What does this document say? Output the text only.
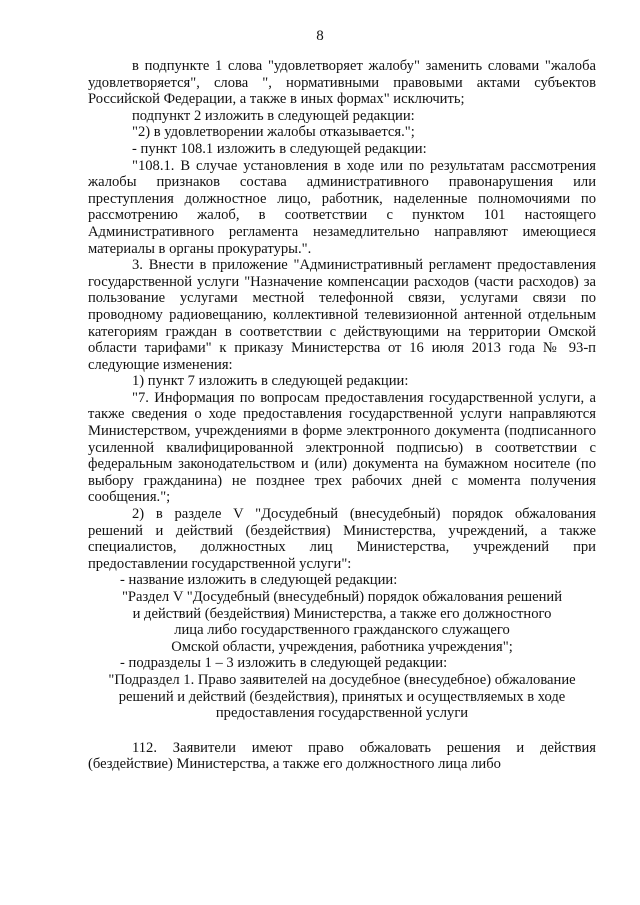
8

в подпункте 1 слова "удовлетворяет жалобу" заменить словами "жалоба удовлетворяется", слова ", нормативными правовыми актами субъектов Российской Федерации, а также в иных формах" исключить;

подпункт 2 изложить в следующей редакции:

"2) в удовлетворении жалобы отказывается.";

- пункт 108.1 изложить в следующей редакции:

"108.1. В случае установления в ходе или по результатам рассмотрения жалобы признаков состава административного правонарушения или преступления должностное лицо, работник, наделенные полномочиями по рассмотрению жалоб, в соответствии с пунктом 101 настоящего Административного регламента незамедлительно направляют имеющиеся материалы в органы прокуратуры.".

3. Внести в приложение "Административный регламент предоставления государственной услуги "Назначение компенсации расходов (части расходов) за пользование услугами местной телефонной связи, услугами связи по проводному радиовещанию, коллективной телевизионной антенной отдельным категориям граждан в соответствии с действующими на территории Омской области тарифами" к приказу Министерства от 16 июля 2013 года № 93-п следующие изменения:

1) пункт 7 изложить в следующей редакции:

"7. Информация по вопросам предоставления государственной услуги, а также сведения о ходе предоставления государственной услуги направляются Министерством, учреждениями в форме электронного документа (подписанного усиленной квалифицированной электронной подписью) в соответствии с федеральным законодательством и (или) документа на бумажном носителе (по выбору гражданина) не позднее трех рабочих дней с момента получения сообщения.";

2) в разделе V "Досудебный (внесудебный) порядок обжалования решений и действий (бездействия) Министерства, учреждений, а также специалистов, должностных лиц Министерства, учреждений при предоставлении государственной услуги":

- название изложить в следующей редакции:

"Раздел V "Досудебный (внесудебный) порядок обжалования решений

и действий (бездействия) Министерства, а также его должностного

лица либо государственного гражданского служащего

Омской области, учреждения, работника учреждения";

- подразделы 1 – 3 изложить в следующей редакции:

"Подраздел 1. Право заявителей на досудебное (внесудебное) обжалование

решений и действий (бездействия), принятых и осуществляемых в ходе

предоставления государственной услуги

112. Заявители имеют право обжаловать решения и действия (бездействие) Министерства, а также его должностного лица либо
